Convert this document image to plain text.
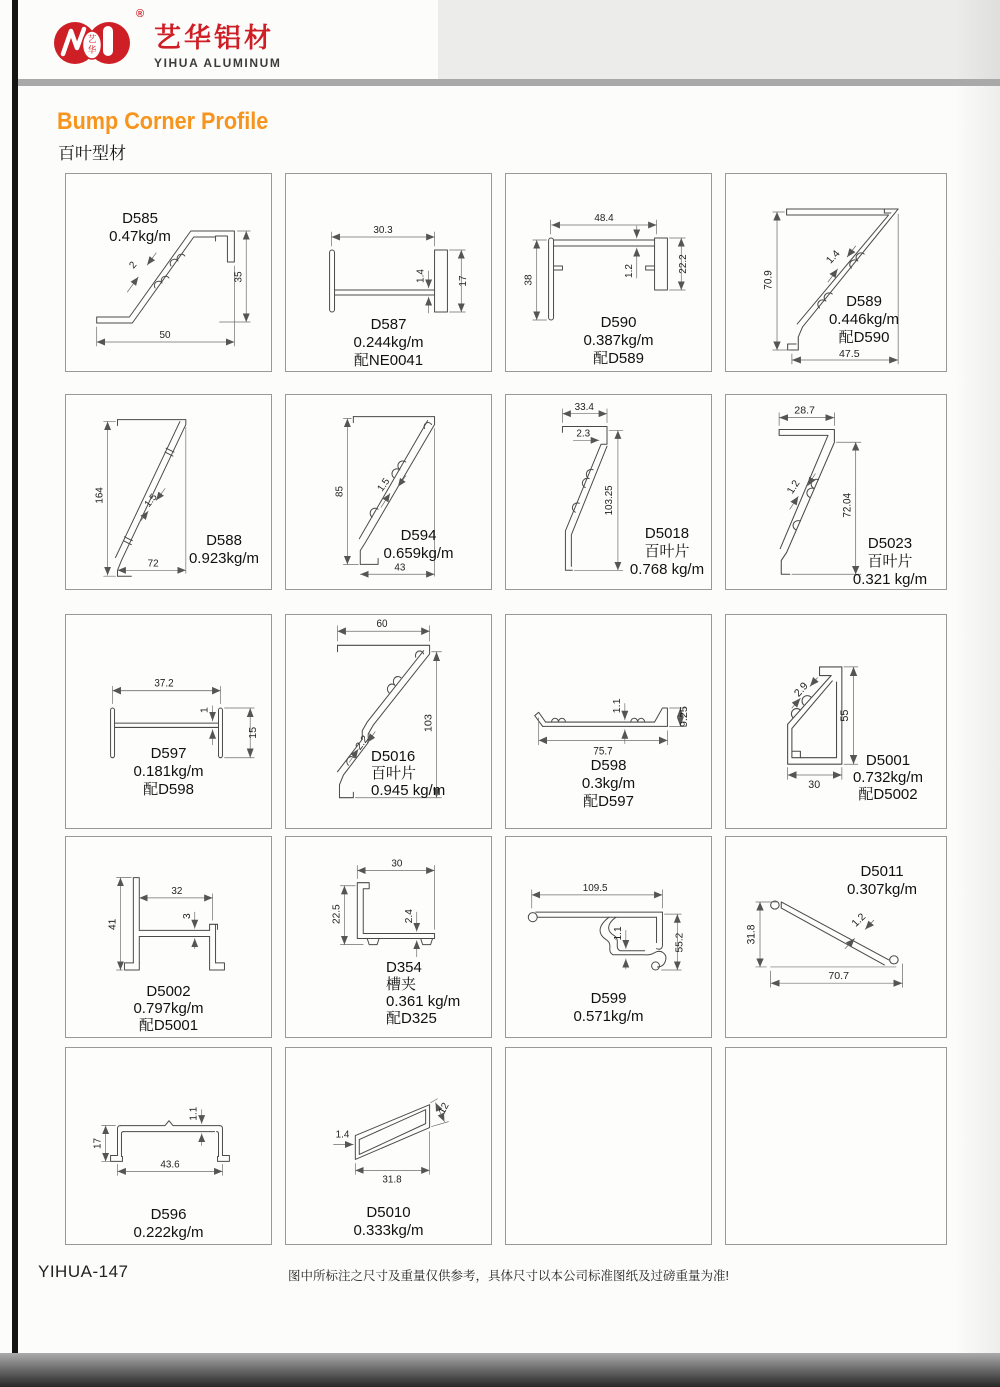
艺
华
®
艺华铝材
YIHUA ALUMINUM
Bump Corner Profile
百叶型材
50
35
2
D585
0.47kg/m	30.3
1.4	17
D587
0.244kg/m
配NE0041
48.4
38
1.2	22.2
D590
0.387kg/m
配D589
70.9
1.4
47.5
D589
0.446kg/m
配D590
164	1.5
72
D588
0.923kg/m
85	1.5
43
D594
0.659kg/m
33.4
2.3
103.25
D5018
百叶片
0.768 kg/m
28.7
1.2
72.04
D5023
百叶片
0.321 kg/m
37.2
1
15
D597
0.181kg/m
配D598
60
2.2
103
D5016
百叶片
0.945 kg/m
1.1
9.25
75.7
D598
0.3kg/m
配D597
2.9
55
30
D5001
0.732kg/m
配D5002
32
41
3
D5002
0.797kg/m
配D5001
30
22.5	2.4
D354
槽夹
0.361 kg/m
配D325
109.5
1.1	55.2
D599
0.571kg/m
31.8
1.2
70.7
D5011
0.307kg/m
1.1
17
43.6
D596
0.222kg/m
1.4
12
31.8
D5010
0.333kg/m
YIHUA-147	图中所标注之尺寸及重量仅供参考，具体尺寸以本公司标准图纸及过磅重量为准!
